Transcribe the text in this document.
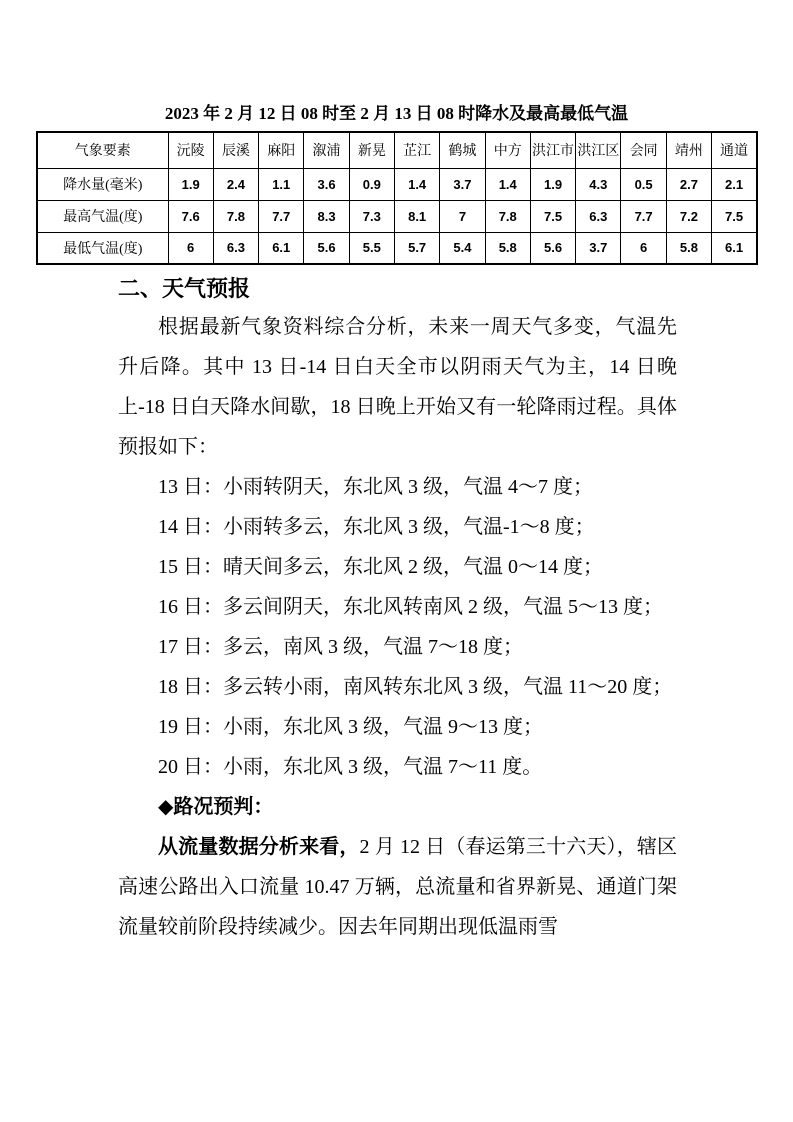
2023 年 2 月 12 日 08 时至 2 月 13 日 08 时降水及最高最低气温
气象要素	沅陵	辰溪	麻阳	溆浦	新晃	芷江	鹤城	中方	洪江市	洪江区	会同	靖州	通道
降水量(毫米)	1.9	2.4	1.1	3.6	0.9	1.4	3.7	1.4	1.9	4.3	0.5	2.7	2.1
最高气温(度)	7.6	7.8	7.7	8.3	7.3	8.1	7	7.8	7.5	6.3	7.7	7.2	7.5
最低气温(度)	6	6.3	6.1	5.6	5.5	5.7	5.4	5.8	5.6	3.7	6	5.8	6.1
二、天气预报

根据最新气象资料综合分析，未来一周天气多变，气温先升后降。其中 13 日-14 日白天全市以阴雨天气为主，14 日晚上-18 日白天降水间歇，18 日晚上开始又有一轮降雨过程。具体预报如下：

13 日：小雨转阴天，东北风 3 级，气温 4～7 度；

14 日：小雨转多云，东北风 3 级，气温-1～8 度；

15 日：晴天间多云，东北风 2 级，气温 0～14 度；

16 日：多云间阴天，东北风转南风 2 级，气温 5～13 度；

17 日：多云，南风 3 级，气温 7～18 度；

18 日：多云转小雨，南风转东北风 3 级，气温 11～20 度；

19 日：小雨，东北风 3 级，气温 9～13 度；

20 日：小雨，东北风 3 级，气温 7～11 度。

◆路况预判：

从流量数据分析来看，2 月 12 日（春运第三十六天），辖区高速公路出入口流量 10.47 万辆，总流量和省界新晃、通道门架流量较前阶段持续减少。因去年同期出现低温雨雪
